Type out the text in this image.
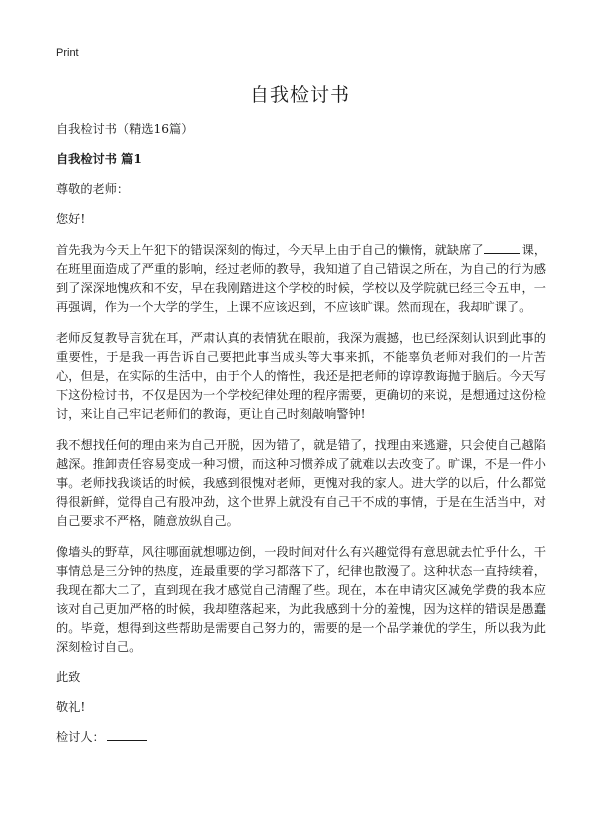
Print
自我检讨书

自我检讨书（精选16篇）

自我检讨书 篇1

尊敬的老师：

您好!

首先我为今天上午犯下的错误深刻的悔过，今天早上由于自己的懒惰，就缺席了	课，在班里面造成了严重的影响，经过老师的教导，我知道了自己错误之所在，为自己的行为感到了深深地愧疚和不安，早在我刚踏进这个学校的时候，学校以及学院就已经三令五申，一再强调，作为一个大学的学生，上课不应该迟到，不应该旷课。然而现在，我却旷课了。

老师反复教导言犹在耳，严肃认真的表情犹在眼前，我深为震撼，也已经深刻认识到此事的重要性，于是我一再告诉自己要把此事当成头等大事来抓，不能辜负老师对我们的一片苦心，但是，在实际的生活中，由于个人的惰性，我还是把老师的谆谆教诲抛于脑后。今天写下这份检讨书，不仅是因为一个学校纪律处理的程序需要，更确切的来说，是想通过这份检讨，来让自己牢记老师们的教诲，更让自己时刻敲响警钟!

我不想找任何的理由来为自己开脱，因为错了，就是错了，找理由来逃避，只会使自己越陷越深。推卸责任容易变成一种习惯，而这种习惯养成了就难以去改变了。旷课，不是一件小事。老师找我谈话的时候，我感到很愧对老师，更愧对我的家人。进大学的以后，什么都觉得很新鲜，觉得自己有股冲劲，这个世界上就没有自己干不成的事情，于是在生活当中，对自己要求不严格，随意放纵自己。

像墙头的野草，风往哪面就想哪边倒，一段时间对什么有兴趣觉得有意思就去忙乎什么，干事情总是三分钟的热度，连最重要的学习都落下了，纪律也散漫了。这种状态一直持续着，我现在都大二了，直到现在我才感觉自己清醒了些。现在，本在申请灾区减免学费的我本应该对自己更加严格的时候，我却堕落起来，为此我感到十分的羞愧，因为这样的错误是愚蠢的。毕竟，想得到这些帮助是需要自己努力的，需要的是一个品学兼优的学生，所以我为此深刻检讨自己。

此致

敬礼!

检讨人：
